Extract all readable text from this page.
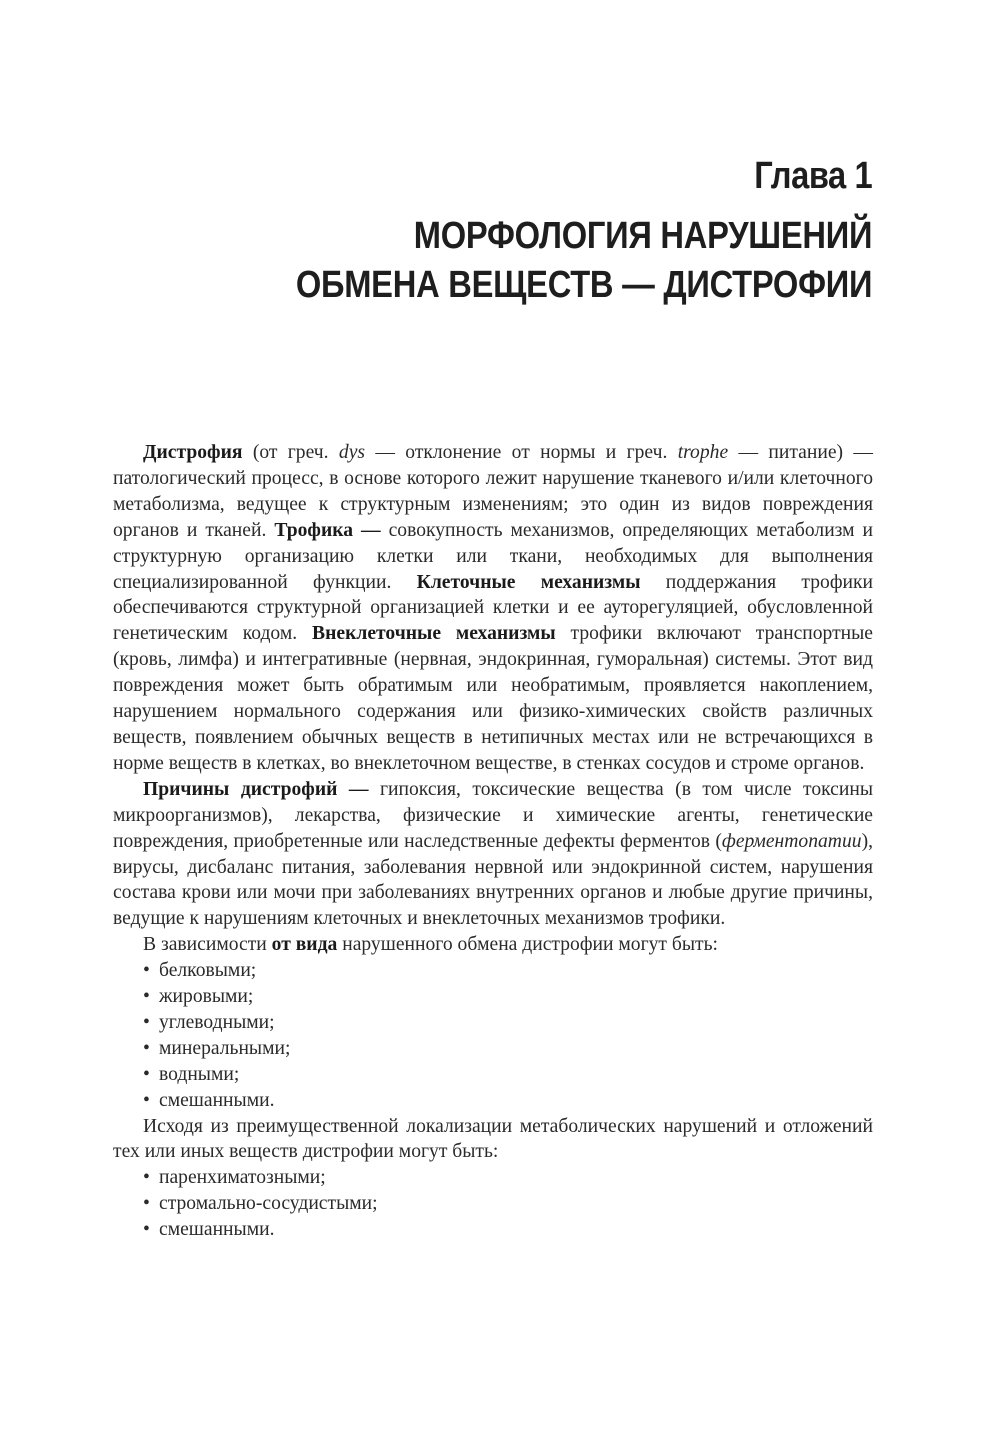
Глава 1
МОРФОЛОГИЯ НАРУШЕНИЙ
ОБМЕНА ВЕЩЕСТВ — ДИСТРОФИИ

Дистрофия (от греч. dys — отклонение от нормы и греч. trophe — питание) — патологический процесс, в основе которого лежит нарушение тканевого и/или клеточного метаболизма, ведущее к структурным изменениям; это один из видов повреждения органов и тканей. Трофика — совокупность механизмов, определяющих метаболизм и структурную организацию клетки или ткани, необходимых для выполнения специализированной функции. Клеточные механизмы поддержания трофики обеспечиваются структурной организацией клетки и ее ауторегуляцией, обусловленной генетическим кодом. Внеклеточные механизмы трофики включают транспортные (кровь, лимфа) и интегративные (нервная, эндокринная, гуморальная) системы. Этот вид повреждения может быть обратимым или необратимым, проявляется накоплением, нарушением нормального содержания или физико-химических свойств различных веществ, появлением обычных веществ в нетипичных местах или не встречающихся в норме веществ в клетках, во внеклеточном веществе, в стенках сосудов и строме органов.

Причины дистрофий — гипоксия, токсические вещества (в том числе токсины микроорганизмов), лекарства, физические и химические агенты, генетические повреждения, приобретенные или наследственные дефекты ферментов (ферментопатии), вирусы, дисбаланс питания, заболевания нервной или эндокринной систем, нарушения состава крови или мочи при заболеваниях внутренних органов и любые другие причины, ведущие к нарушениям клеточных и внеклеточных механизмов трофики.

В зависимости от вида нарушенного обмена дистрофии могут быть:

• белковыми;
• жировыми;
• углеводными;
• минеральными;
• водными;
• смешанными.

Исходя из преимущественной локализации метаболических нарушений и отложений тех или иных веществ дистрофии могут быть:

• паренхиматозными;
• стромально-сосудистыми;
• смешанными.
